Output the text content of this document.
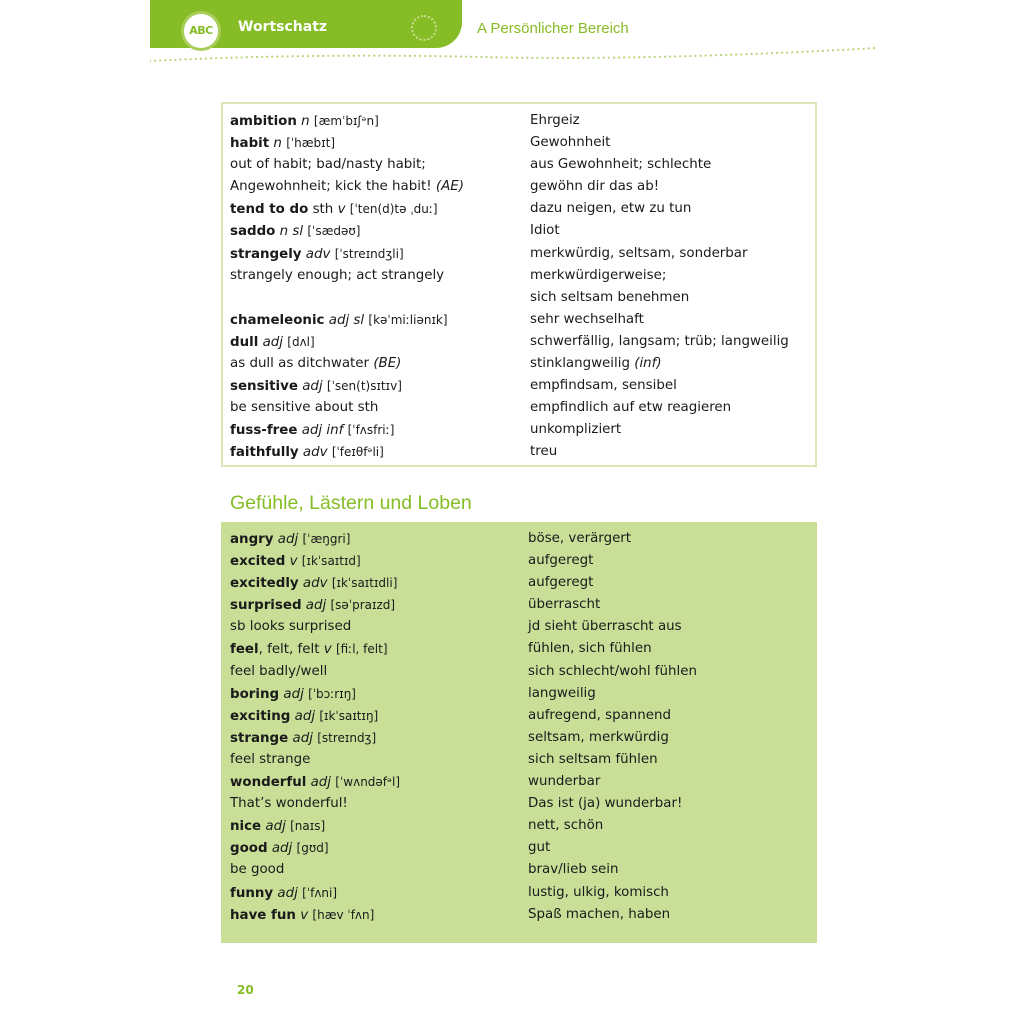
ABC	Wortschatz	A Persönlicher Bereich
ambition n [æmˈbɪʃᵊn]	Ehrgeiz
habit n [ˈhæbɪt]	Gewohnheit
out of habit; bad/nasty habit;	aus Gewohnheit; schlechte
Angewohnheit; kick the habit! (AE)	gewöhn dir das ab!
tend to do sth v [ˈten(d)tə ˌduː]	dazu neigen, etw zu tun
saddo n sl [ˈsædəʊ]	Idiot
strangely adv [ˈstreɪndʒli]	merkwürdig, seltsam, sonderbar
strangely enough; act strangely	merkwürdigerweise;
sich seltsam benehmen
chameleonic adj sl [kəˈmiːliənɪk]	sehr wechselhaft
dull adj [dʌl]	schwerfällig, langsam; trüb; langweilig
as dull as ditchwater (BE)	stinklangweilig (inf)
sensitive adj [ˈsen(t)sɪtɪv]	empfindsam, sensibel
be sensitive about sth	empfindlich auf etw reagieren
fuss-free adj inf [ˈfʌsfriː]	unkompliziert
faithfully adv [ˈfeɪθfᵊli]	treu
Gefühle, Lästern und Loben
angry adj [ˈæŋgri]	böse, verärgert
excited v [ɪkˈsaɪtɪd]	aufgeregt
excitedly adv [ɪkˈsaɪtɪdli]	aufgeregt
surprised adj [səˈpraɪzd]	überrascht
sb looks surprised	jd sieht überrascht aus
feel, felt, felt v [fiːl, felt]	fühlen, sich fühlen
feel badly/well	sich schlecht/wohl fühlen
boring adj [ˈbɔːrɪŋ]	langweilig
exciting adj [ɪkˈsaɪtɪŋ]	aufregend, spannend
strange adj [streɪndʒ]	seltsam, merkwürdig
feel strange	sich seltsam fühlen
wonderful adj [ˈwʌndəfᵊl]	wunderbar
That’s wonderful!	Das ist (ja) wunderbar!
nice adj [naɪs]	nett, schön
good adj [gʊd]	gut
be good	brav/lieb sein
funny adj [ˈfʌni]	lustig, ulkig, komisch
have fun v [hæv ˈfʌn]	Spaß machen, haben
20
